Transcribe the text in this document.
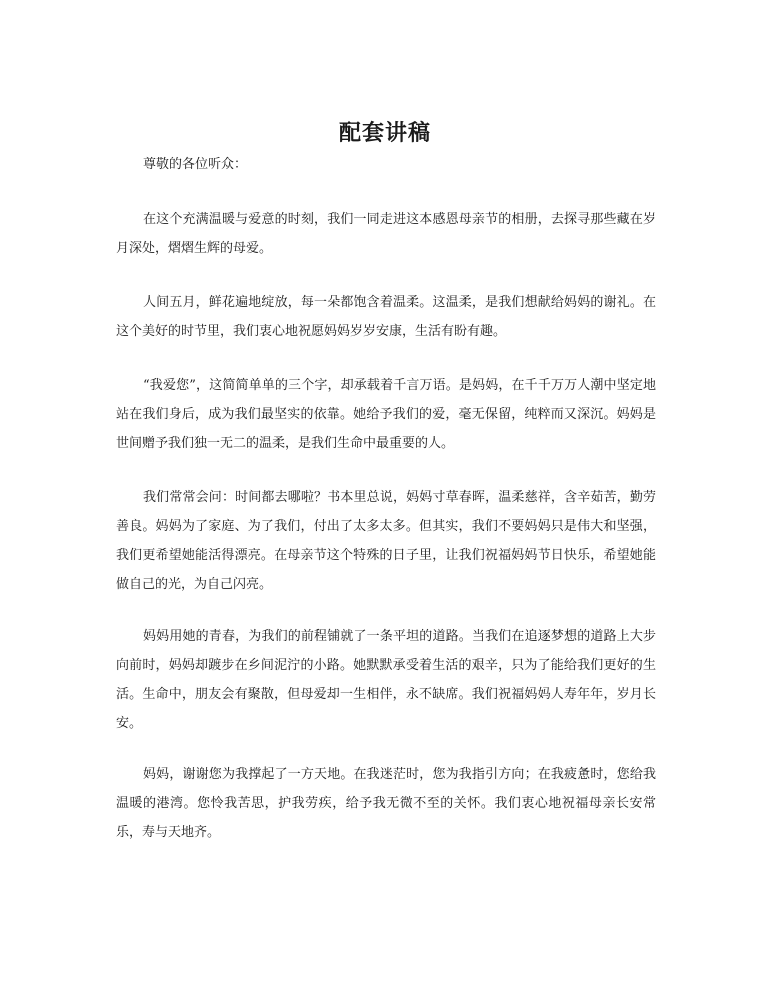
配套讲稿

尊敬的各位听众：

在这个充满温暖与爱意的时刻，我们一同走进这本感恩母亲节的相册，去探寻那些藏在岁月深处，熠熠生辉的母爱。

人间五月，鲜花遍地绽放，每一朵都饱含着温柔。这温柔，是我们想献给妈妈的谢礼。在这个美好的时节里，我们衷心地祝愿妈妈岁岁安康，生活有盼有趣。

“我爱您”，这简简单单的三个字，却承载着千言万语。是妈妈，在千千万万人潮中坚定地站在我们身后，成为我们最坚实的依靠。她给予我们的爱，毫无保留，纯粹而又深沉。妈妈是世间赠予我们独一无二的温柔，是我们生命中最重要的人。

我们常常会问：时间都去哪啦？书本里总说，妈妈寸草春晖，温柔慈祥，含辛茹苦，勤劳善良。妈妈为了家庭、为了我们，付出了太多太多。但其实，我们不要妈妈只是伟大和坚强，我们更希望她能活得漂亮。在母亲节这个特殊的日子里，让我们祝福妈妈节日快乐，希望她能做自己的光，为自己闪亮。

妈妈用她的青春，为我们的前程铺就了一条平坦的道路。当我们在追逐梦想的道路上大步向前时，妈妈却踱步在乡间泥泞的小路。她默默承受着生活的艰辛，只为了能给我们更好的生活。生命中，朋友会有聚散，但母爱却一生相伴，永不缺席。我们祝福妈妈人寿年年，岁月长安。

妈妈，谢谢您为我撑起了一方天地。在我迷茫时，您为我指引方向；在我疲惫时，您给我温暖的港湾。您怜我苦思，护我劳疾，给予我无微不至的关怀。我们衷心地祝福母亲长安常乐，寿与天地齐。
